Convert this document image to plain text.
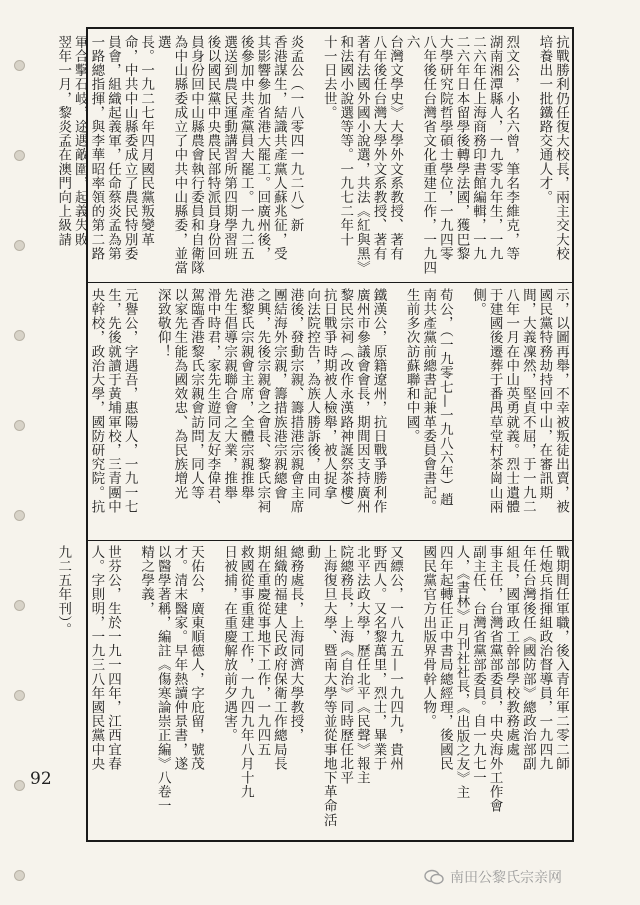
抗戰勝利仍任復大校長，兩主交大校
培養出一批鐵路交通人才。

烈文公，小名六曾，筆名李維克，等
湖南湘潭縣人，一九零九年生，一九
二六年任上海商務印書館編輯，一九
二六年日本留學後轉學法國，獲巴黎
大學研究院哲學碩士學位，一九四零
八年後任台灣省文化重建工作，一九四六
台灣文學史》大學外文系教授、著有
八年後任台灣大學外文系教授、著有
著有法國外國小說選，共法《紅與黑》
和法國小說選等等。一九七二年十
十一日去世。

炎孟公（一八零四一九二八）新
香港謀生，結識共產黨人蘇兆征，受
其影響參加省港大罷工。回廣州後，
後參加中共產黨員大罷工。一九二五
選送到農民運動講習所第四期學習班
後以國民黨中央農民部特派員身份回
員身份回中山縣農會執行委員和自衛隊
為中山縣委成立了中共中山縣委，並當選
長。一九二七年四月國民黨叛變革
命，中共中山縣委成立了農民特別委
員會，組織起義軍，任命蔡炎孟為第
一路總指揮，與李華昭率領的第二路
軍合擊石岐，途遇敵圍，起義失敗
翌年一月，黎炎孟在澳門向上級請
示，以圖再舉，不幸被叛徒出賣，被
國民黨特務劫持回中山，在審訊期
間，大義凜然，堅貞不屈，于一九二
八年一月在中山英勇就義。烈士遺體
于建國後遷葬于番禺草堂村茶崗山兩
側。

荀公，（一九零七—一九八六年）趙
南共產黨前總書記兼革委員會書記。
生前多次訪蘇聯和中國。

鐵漢公，原籍遼州，抗日戰爭勝利作
廣州市參議會會長，期間因支持廣州
黎民宗祠（改作永漢路神誕祭茶樓）
抗日戰爭時期被人檢舉，被人捉拿
向法院控告，為族人勝訴後，由同
港後，發動宗親、籌措港宗親會主席
團結海外宗親，籌措族港宗親總會
之興，先後宗親會之會長、黎氏宗祠
港黎氏宗親會主席，全體宗親推舉
先生倡導宗親聯合會之大業，推舉
滑中時君，家先生遊同友好李偉君、
駕臨香港黎氏宗親會訪問，同人等
以家先生能為國效忠、為民族增光
深致敬仰！

元譽公，字遇吾，惠陽人，一九一七
生，先後就讀于黃埔軍校，三青團中
央幹校，政治大學，國防研究院。抗
戰期間任軍職，後入青年軍二零二師
任炮兵指揮組政治督導員，一九四九
年任台灣後任《國防部》總政治部副
組長，國軍政工幹部學校教務處處
事主任，台灣省黨部委員，中央海外工作會
副主任、台灣省黨部委員。自一九七一
人，《書林》月刊社社長，《出版之友》主
四年起轉任正中書局總經理，後國民
國民黨官方出版界骨幹人物。

又縹公，一八九五—一九四九，貴州
野西人。又名黎萬里，烈士，畢業于
北平法政大學，歷任北平《民聲》報主
院總務長，上海《自治》同時歷任北平
上海復旦大學、暨南大學等並從事地下革命活動
總務處長，上海同濟大學教授，
組織的福建人民政府保衛工作總局長
期在重慶從事地下工作，一九四五
救國從事重建工作，一九四九年八月十九
日被捕，在重慶解放前夕遇害。

天佑公，廣東順德人，字庇留，號茂
才。清末醫家。早年熱讀仲景書，遂
以醫學著稱，編註《傷寒論崇正編》八卷一
精之學義，

世芬公，生於一九一四年，江西宜春
人。字則明，一九三八年國民黨中央

九二五年刊）。
92
南田公黎氏宗亲网
